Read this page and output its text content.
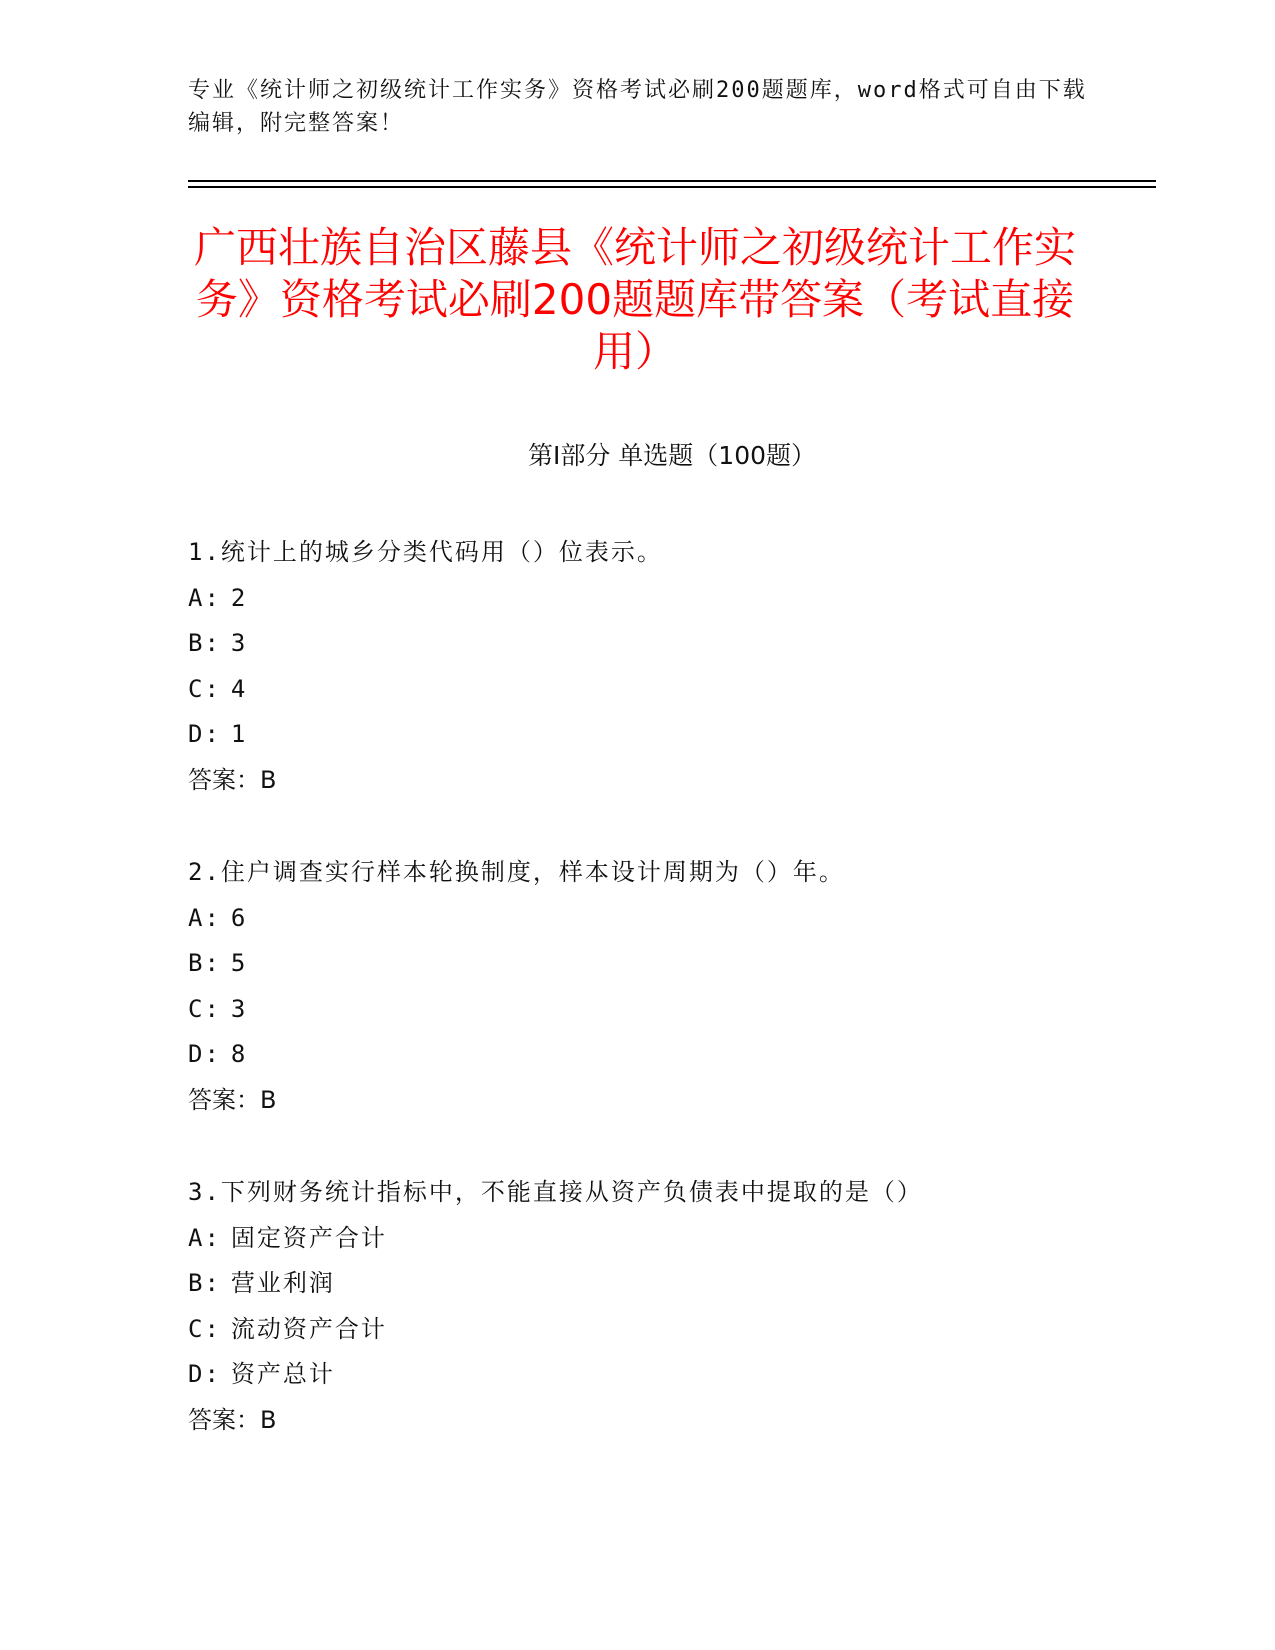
专业《统计师之初级统计工作实务》资格考试必刷200题题库，word格式可自由下载编辑，附完整答案！
广西壮族自治区藤县《统计师之初级统计工作实务》资格考试必刷200题题库带答案（考试直接用）
第I部分 单选题（100题）
1.统计上的城乡分类代码用（）位表示。
A: 2
B: 3
C: 4
D: 1
答案：B
2.住户调查实行样本轮换制度，样本设计周期为（）年。
A: 6
B: 5
C: 3
D: 8
答案：B
3.下列财务统计指标中，不能直接从资产负债表中提取的是（）
A: 固定资产合计
B: 营业利润
C: 流动资产合计
D: 资产总计
答案：B
